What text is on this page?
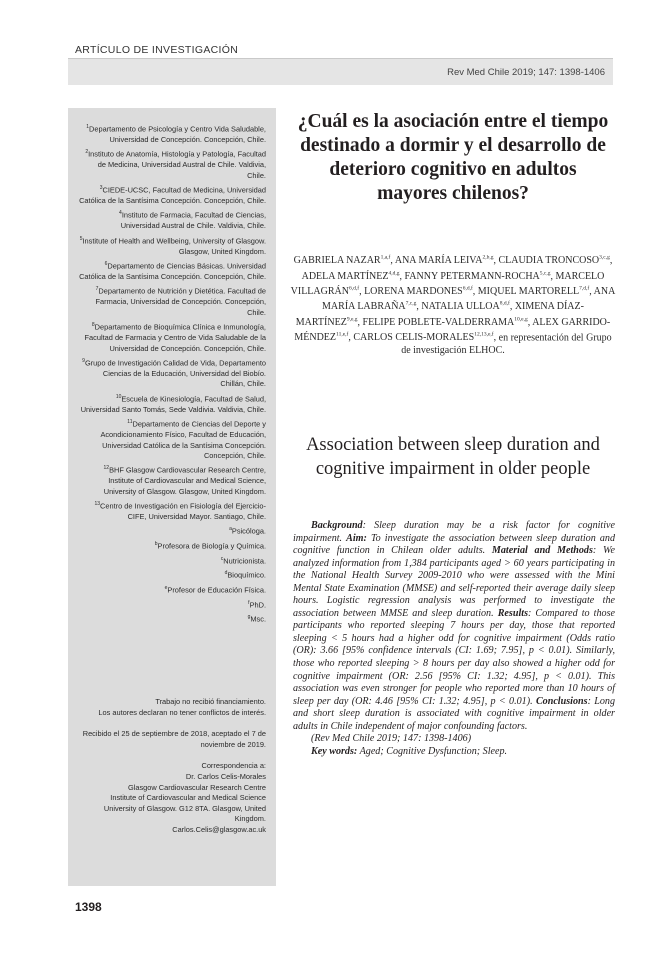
ARTÍCULO DE INVESTIGACIÓN
Rev Med Chile 2019; 147: 1398-1406

$^1$Departamento de Psicología y Centro Vida Saludable, Universidad de Concepción. Concepción, Chile.

$^2$Instituto de Anatomía, Histología y Patología, Facultad de Medicina, Universidad Austral de Chile. Valdivia, Chile.

$^3$CIEDE-UCSC, Facultad de Medicina, Universidad Católica de la Santísima Concepción. Concepción, Chile.

$^4$Instituto de Farmacia, Facultad de Ciencias, Universidad Austral de Chile. Valdivia, Chile.

$^5$Institute of Health and Wellbeing, University of Glasgow. Glasgow, United Kingdom.

$^6$Departamento de Ciencias Básicas. Universidad Católica de la Santísima Concepción. Concepción, Chile.

$^7$Departamento de Nutrición y Dietética. Facultad de Farmacia, Universidad de Concepción. Concepción, Chile.

$^8$Departamento de Bioquímica Clínica e Inmunología, Facultad de Farmacia y Centro de Vida Saludable de la Universidad de Concepción. Concepción, Chile.

$^9$Grupo de Investigación Calidad de Vida, Departamento Ciencias de la Educación, Universidad del Biobío. Chillán, Chile.

$^{10}$Escuela de Kinesiología, Facultad de Salud, Universidad Santo Tomás, Sede Valdivia. Valdivia, Chile.

$^{11}$Departamento de Ciencias del Deporte y Acondicionamiento Físico, Facultad de Educación, Universidad Católica de la Santísima Concepción. Concepción, Chile.

$^{12}$BHF Glasgow Cardiovascular Research Centre, Institute of Cardiovascular and Medical Science, University of Glasgow. Glasgow, United Kingdom.

$^{13}$Centro de Investigación en Fisiología del Ejercicio-CIFE, Universidad Mayor. Santiago, Chile.

$^a$Psicóloga.

$^b$Profesora de Biología y Química.

$^c$Nutricionista.

$^d$Bioquímico.

$^e$Profesor de Educación Física.

$^f$PhD.

$^g$Msc.

Trabajo no recibió financiamiento.

Los autores declaran no tener conflictos de interés.

Recibido el 25 de septiembre de 2018, aceptado el 7 de noviembre de 2019.

Correspondencia a:

Dr. Carlos Celis-Morales

Glasgow Cardiovascular Research Centre

Institute of Cardiovascular and Medical Science

University of Glasgow. G12 8TA. Glasgow, United Kingdom.

Carlos.Celis@glasgow.ac.uk

¿Cuál es la asociación entre el tiempo destinado a dormir y el desarrollo de deterioro cognitivo en adultos mayores chilenos?
GABRIELA NAZAR$^{1,a,f}$, ANA MARÍA LEIVA$^{2,b,g}$, CLAUDIA TRONCOSO$^{3,c,g}$, ADELA MARTÍNEZ$^{4,d,g}$, FANNY PETERMANN-ROCHA$^{5,c,g}$, MARCELO VILLAGRÁN$^{6,d,f}$, LORENA MARDONES$^{6,d,f}$, MIQUEL MARTORELL$^{7,d,f}$, ANA MARÍA LABRAÑA$^{7,c,g}$, NATALIA ULLOA$^{8,d,f}$, XIMENA DÍAZ-MARTÍNEZ$^{9,e,g}$, FELIPE POBLETE-VALDERRAMA$^{10,e,g}$, ALEX GARRIDO-MÉNDEZ$^{11,e,f}$, CARLOS CELIS-MORALES$^{12,13,e,f}$, en representación del Grupo de investigación ELHOC.
Association between sleep duration and cognitive impairment in older people

Background: Sleep duration may be a risk factor for cognitive impairment. Aim: To investigate the association between sleep duration and cognitive function in Chilean older adults. Material and Methods: We analyzed information from 1,384 participants aged > 60 years participating in the National Health Survey 2009-2010 who were assessed with the Mini Mental State Examination (MMSE) and self-reported their average daily sleep hours. Logistic regression analysis was performed to investigate the association between MMSE and sleep duration. Results: Compared to those participants who reported sleeping 7 hours per day, those that reported sleeping < 5 hours had a higher odd for cognitive impairment (Odds ratio (OR): 3.66 [95% confidence intervals (CI: 1.69; 7.95], p < 0.01). Similarly, those who reported sleeping > 8 hours per day also showed a higher odd for cognitive impairment (OR: 2.56 [95% CI: 1.32; 4.95], p < 0.01). This association was even stronger for people who reported more than 10 hours of sleep per day (OR: 4.46 [95% CI: 1.32; 4.95], p < 0.01). Conclusions: Long and short sleep duration is associated with cognitive impairment in older adults in Chile independent of major confounding factors.

(Rev Med Chile 2019; 147: 1398-1406)

Key words: Aged; Cognitive Dysfunction; Sleep.

1398
